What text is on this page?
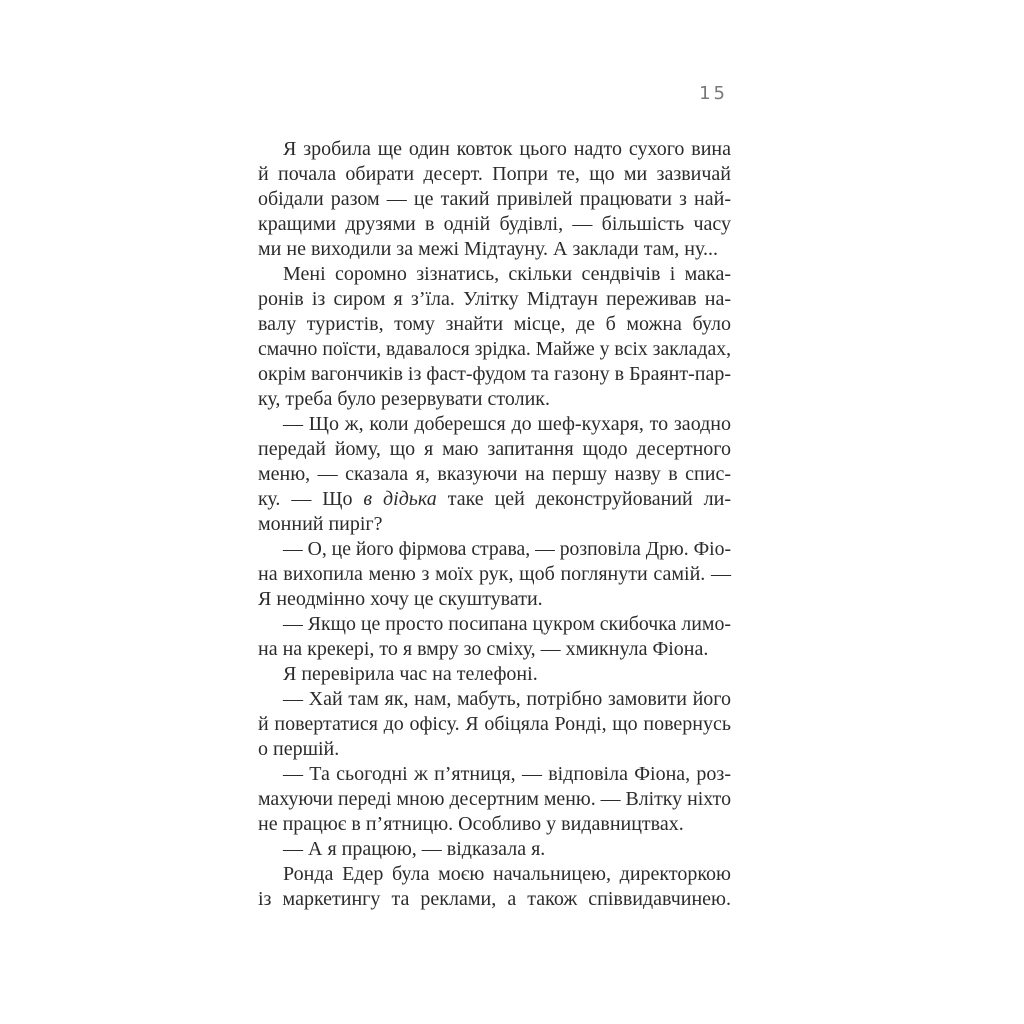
15
Я зробила ще один ковток цього надто сухого вина
й почала обирати десерт. Попри те, що ми зазвичай
обідали разом — це такий привілей працювати з най-
кращими друзями в одній будівлі, — більшість часу
ми не виходили за межі Мідтауну. А заклади там, ну...
Мені соромно зізнатись, скільки сендвічів і мака-
ронів із сиром я з’їла. Улітку Мідтаун переживав на-
валу туристів, тому знайти місце, де б можна було
смачно поїсти, вдавалося зрідка. Майже у всіх закладах,
окрім вагончиків із фаст-фудом та газону в Браянт-пар-
ку, треба було резервувати столик.
— Що ж, коли доберешся до шеф-кухаря, то заодно
передай йому, що я маю запитання щодо десертного
меню, — сказала я, вказуючи на першу назву в спис-
ку. — Що в дідька таке цей деконструйований ли-
монний пиріг?
— О, це його фірмова страва, — розповіла Дрю. Фіо-
на вихопила меню з моїх рук, щоб поглянути самій. —
Я неодмінно хочу це скуштувати.
— Якщо це просто посипана цукром скибочка лимо-
на на крекері, то я вмру зо сміху, — хмикнула Фіона.
Я перевірила час на телефоні.
— Хай там як, нам, мабуть, потрібно замовити його
й повертатися до офісу. Я обіцяла Ронді, що повернусь
о першій.
— Та сьогодні ж п’ятниця, — відповіла Фіона, роз-
махуючи переді мною десертним меню. — Влітку ніхто
не працює в п’ятницю. Особливо у видавництвах.
— А я працюю, — відказала я.
Ронда Едер була моєю начальницею, директоркою
із маркетингу та реклами, а також співвидавчинею.
